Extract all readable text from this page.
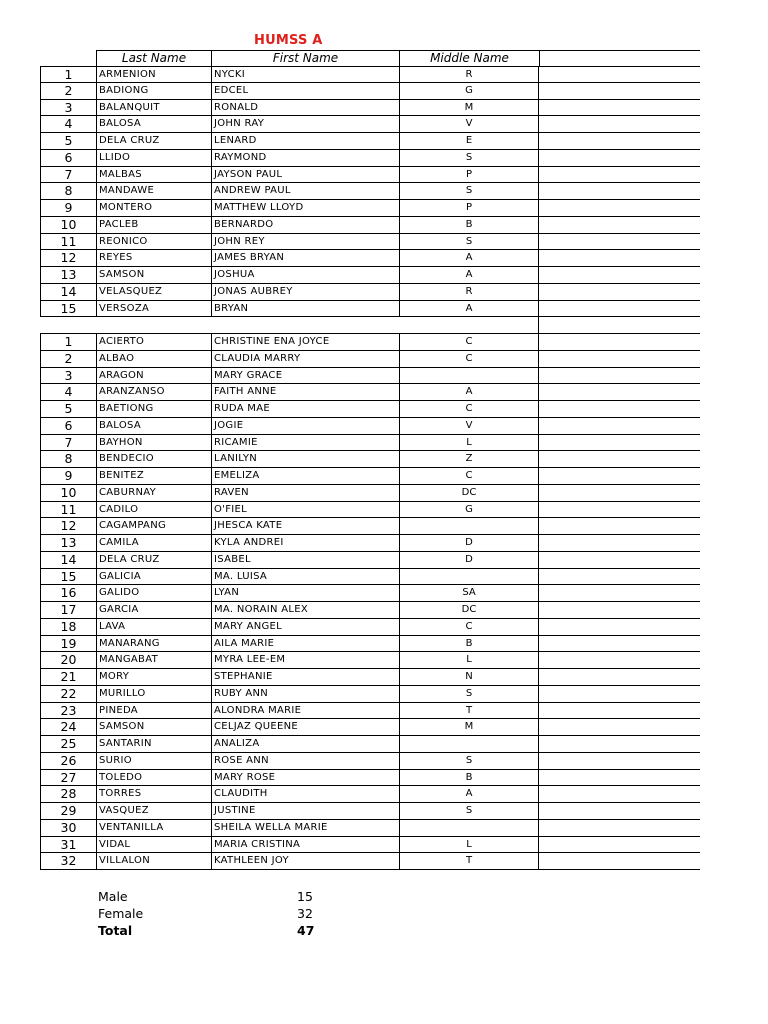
HUMSS A
Last Name	First Name	Middle Name
1	ARMENION	NYCKI	R
2	BADIONG	EDCEL	G
3	BALANQUIT	RONALD	M
4	BALOSA	JOHN RAY	V
5	DELA CRUZ	LENARD	E
6	LLIDO	RAYMOND	S
7	MALBAS	JAYSON PAUL	P
8	MANDAWE	ANDREW PAUL	S
9	MONTERO	MATTHEW LLOYD	P
10	PACLEB	BERNARDO	B
11	REONICO	JOHN REY	S
12	REYES	JAMES BRYAN	A
13	SAMSON	JOSHUA	A
14	VELASQUEZ	JONAS AUBREY	R
15	VERSOZA	BRYAN	A
1	ACIERTO	CHRISTINE ENA JOYCE	C
2	ALBAO	CLAUDIA MARRY	C
3	ARAGON	MARY GRACE
4	ARANZANSO	FAITH ANNE	A
5	BAETIONG	RUDA MAE	C
6	BALOSA	JOGIE	V
7	BAYHON	RICAMIE	L
8	BENDECIO	LANILYN	Z
9	BENITEZ	EMELIZA	C
10	CABURNAY	RAVEN	DC
11	CADILO	O'FIEL	G
12	CAGAMPANG	JHESCA KATE
13	CAMILA	KYLA ANDREI	D
14	DELA CRUZ	ISABEL	D
15	GALICIA	MA. LUISA
16	GALIDO	LYAN	SA
17	GARCIA	MA. NORAIN ALEX	DC
18	LAVA	MARY ANGEL	C
19	MANARANG	AILA MARIE	B
20	MANGABAT	MYRA LEE-EM	L
21	MORY	STEPHANIE	N
22	MURILLO	RUBY ANN	S
23	PINEDA	ALONDRA MARIE	T
24	SAMSON	CELJAZ QUEENE	M
25	SANTARIN	ANALIZA
26	SURIO	ROSE ANN	S
27	TOLEDO	MARY ROSE	B
28	TORRES	CLAUDITH	A
29	VASQUEZ	JUSTINE	S
30	VENTANILLA	SHEILA WELLA MARIE
31	VIDAL	MARIA CRISTINA	L
32	VILLALON	KATHLEEN JOY	T
Male	15
Female	32
Total	47
